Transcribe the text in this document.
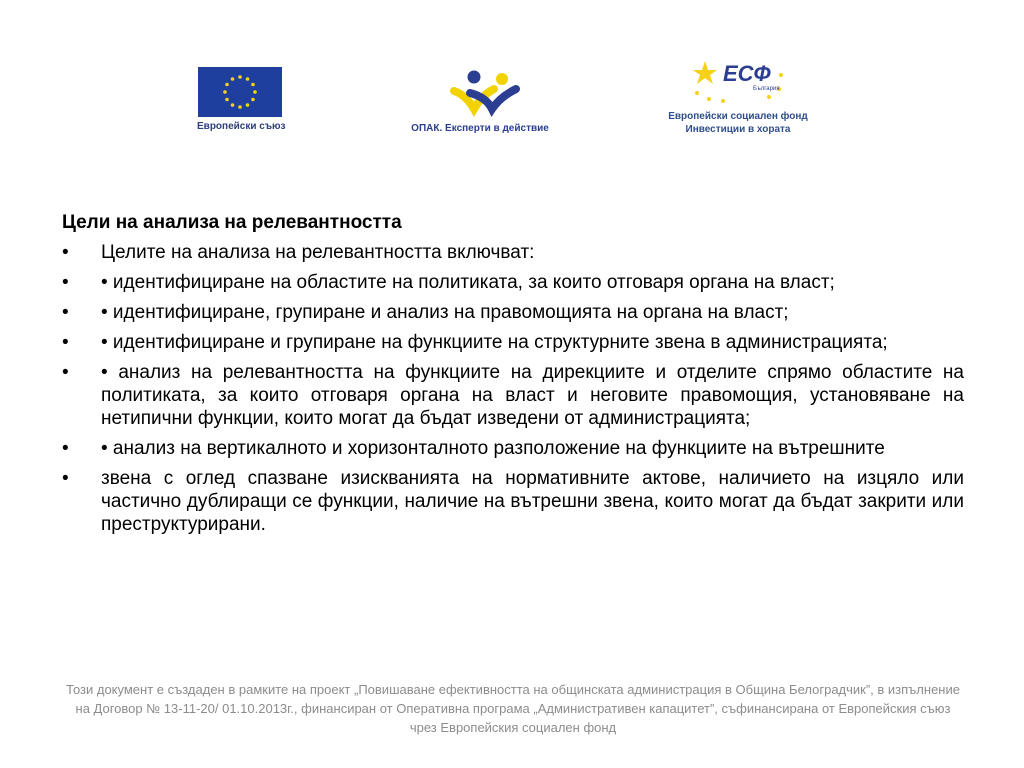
Европейски съюз	ОПАК. Експерти в действие
ЕСФ
България
Европейски социален фонд
Инвестиции в хората
Цели на анализа на релевантността
• Целите на анализа на релевантността включват:
• • идентифициране на областите на политиката, за които отговаря органа на власт;
• • идентифициране, групиране и анализ на правомощията на органа на власт;
• • идентифициране и групиране на функциите на структурните звена в администрацията;
• • анализ на релевантността на функциите на дирекциите и отделите спрямо областите на политиката, за които отговаря органа на власт и неговите правомощия, установяване на нетипични функции, които могат да бъдат изведени от администрацията;
• • анализ на вертикалното и хоризонталното разположение на функциите на вътрешните
• звена с оглед спазване изискванията на нормативните актове, наличието на изцяло или частично дублиращи се функции, наличие на вътрешни звена, които могат да бъдат закрити или преструктурирани.
Този документ е създаден в рамките на проект „Повишаване ефективността на общинската администрация в Община Белоградчик”, в изпълнение на Договор № 13-11-20/ 01.10.2013г., финансиран от Оперативна програма „Административен капацитет”, съфинансирана от Европейския съюз чрез Европейския социален фонд
